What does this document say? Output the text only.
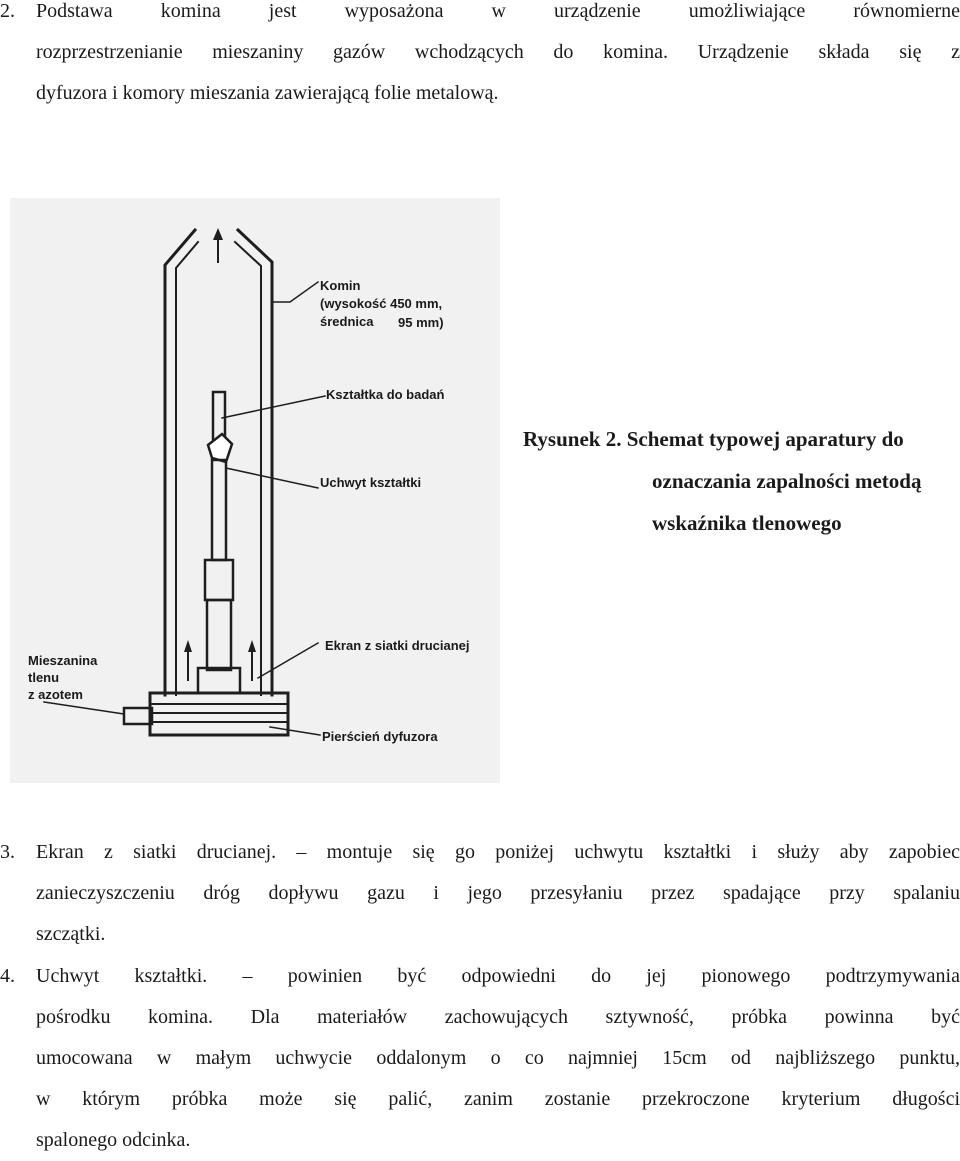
2.	Podstawa komina jest wyposażona w urządzenie umożliwiające równomierne
rozprzestrzenianie mieszaniny gazów wchodzących do komina. Urządzenie składa się z
dyfuzora i komory mieszania zawierającą folie metalową.
Komin
(wysokość 450 mm,
średnica 95 mm)
Kształtka do badań
Uchwyt kształtki
Ekran z siatki drucianej
Mieszanina
tlenu
z azotem
Pierścień dyfuzora
Rysunek 2. Schemat typowej aparatury do
oznaczania zapalności metodą
wskaźnika tlenowego
3.	Ekran z siatki drucianej. – montuje się go poniżej uchwytu kształtki i służy aby zapobiec
zanieczyszczeniu dróg dopływu gazu i jego przesyłaniu przez spadające przy spalaniu
szczątki.
4.	Uchwyt kształtki. – powinien być odpowiedni do jej pionowego podtrzymywania
pośrodku komina. Dla materiałów zachowujących sztywność, próbka powinna być
umocowana w małym uchwycie oddalonym o co najmniej 15cm od najbliższego punktu,
w którym próbka może się palić, zanim zostanie przekroczone kryterium długości
spalonego odcinka.
